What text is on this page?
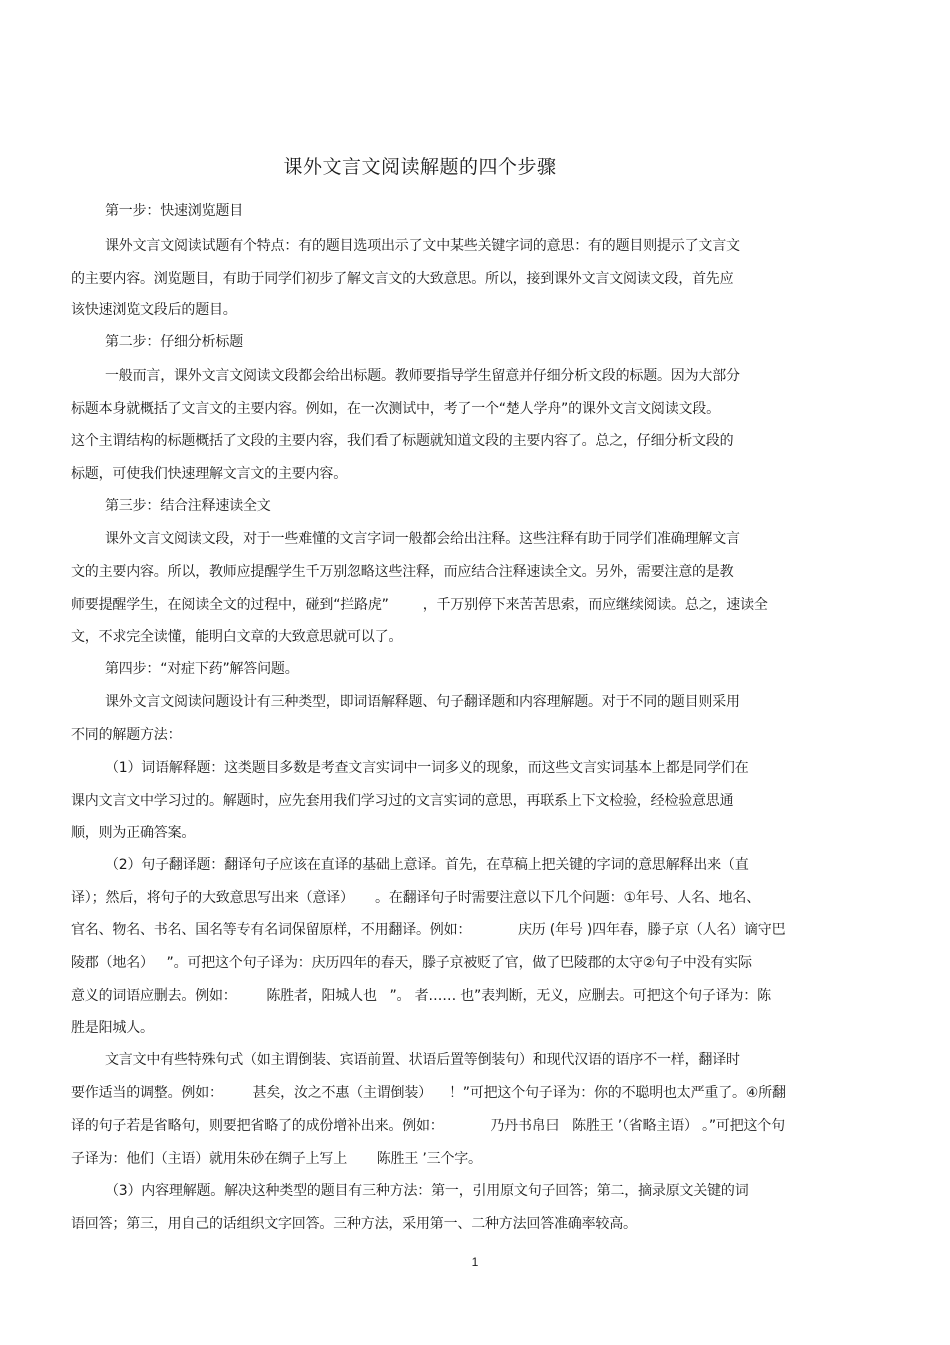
课外文言文阅读解题的四个步骤
第一步：快速浏览题目
课外文言文阅读试题有个特点：有的题目选项出示了文中某些关键字词的意思：有的题目则提示了文言文
的主要内容。浏览题目，有助于同学们初步了解文言文的大致意思。所以，接到课外文言文阅读文段，首先应
该快速浏览文段后的题目。
第二步：仔细分析标题
一般而言，课外文言文阅读文段都会给出标题。教师要指导学生留意并仔细分析文段的标题。因为大部分
标题本身就概括了文言文的主要内容。例如，在一次测试中，考了一个“楚人学舟”的课外文言文阅读文段。
这个主谓结构的标题概括了文段的主要内容，我们看了标题就知道文段的主要内容了。总之，仔细分析文段的
标题，可使我们快速理解文言文的主要内容。
第三步：结合注释速读全文
课外文言文阅读文段，对于一些难懂的文言字词一般都会给出注释。这些注释有助于同学们准确理解文言
文的主要内容。所以，教师应提醒学生千万别忽略这些注释，而应结合注释速读全文。另外，需要注意的是教
师要提醒学生，在阅读全文的过程中，碰到“拦路虎”        ，千万别停下来苦苦思索，而应继续阅读。总之，速读全
文，不求完全读懂，能明白文章的大致意思就可以了。
第四步：“对症下药”解答问题。
课外文言文阅读问题设计有三种类型，即词语解释题、句子翻译题和内容理解题。对于不同的题目则采用
不同的解题方法：
（1）词语解释题：这类题目多数是考查文言实词中一词多义的现象，而这些文言实词基本上都是同学们在
课内文言文中学习过的。解题时，应先套用我们学习过的文言实词的意思，再联系上下文检验，经检验意思通
顺，则为正确答案。
（2）句子翻译题：翻译句子应该在直译的基础上意译。首先，在草稿上把关键的字词的意思解释出来（直
译）；然后，将句子的大致意思写出来（意译）     。在翻译句子时需要注意以下几个问题：①年号、人名、地名、
官名、物名、书名、国名等专有名词保留原样，不用翻译。例如：           庆历 (年号 )四年春，滕子京（人名）谪守巴
陵郡（地名）   ”。可把这个句子译为：庆历四年的春天，滕子京被贬了官，做了巴陵郡的太守②句子中没有实际
意义的词语应删去。例如：       陈胜者，阳城人也   ”。 者…… 也”表判断，无义，应删去。可把这个句子译为：陈
胜是阳城人。
文言文中有些特殊句式（如主谓倒装、宾语前置、状语后置等倒装句）和现代汉语的语序不一样，翻译时
要作适当的调整。例如：       甚矣，汝之不惠（主谓倒装）    ！”可把这个句子译为：你的不聪明也太严重了。④所翻
译的句子若是省略句，则要把省略了的成份增补出来。例如：           乃丹书帛曰   陈胜王 ’（省略主语） 。”可把这个句
子译为：他们（主语）就用朱砂在绸子上写上       陈胜王 ’三个字。
（3）内容理解题。解决这种类型的题目有三种方法：第一，引用原文句子回答；第二，摘录原文关键的词
语回答；第三，用自己的话组织文字回答。三种方法，采用第一、二种方法回答准确率较高。
1
